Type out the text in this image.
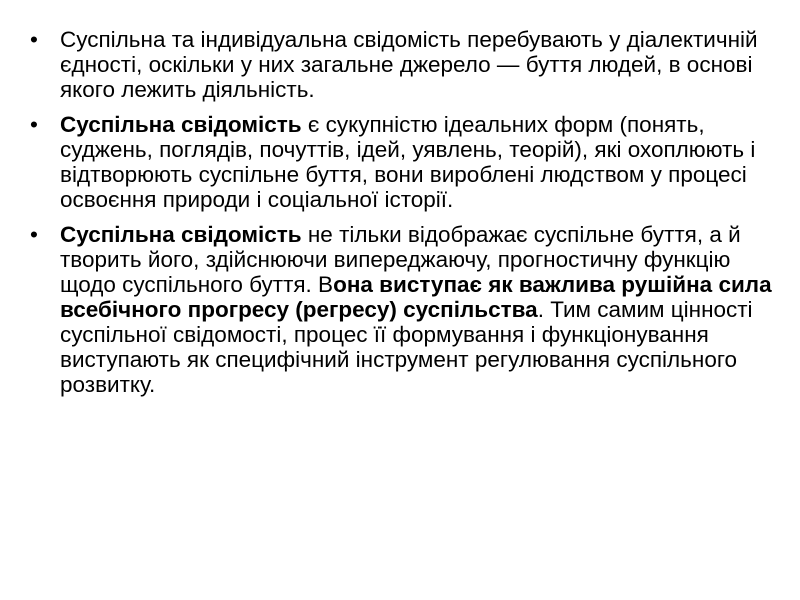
• Суспільна та індивідуальна свідомість перебувають у діалектичній єдності, оскільки у них загальне джерело — буття людей, в основі якого лежить діяльність.
• Суспільна свідомість є сукупністю ідеальних форм (понять, суджень, поглядів, почуттів, ідей, уявлень, теорій), які охоплюють і відтворюють суспільне буття, вони вироблені людством у процесі освоєння природи і соціальної історії.
• Суспільна свідомість не тільки відображає суспільне буття, а й творить його, здійснюючи випереджаючу, прогностичну функцію щодо суспільного буття. Вона виступає як важлива рушійна сила всебічного прогресу (регресу) суспільства. Тим самим цінності суспільної свідомості, процес її формування і функціонування виступають як специфічний інструмент регулювання суспільного розвитку.
